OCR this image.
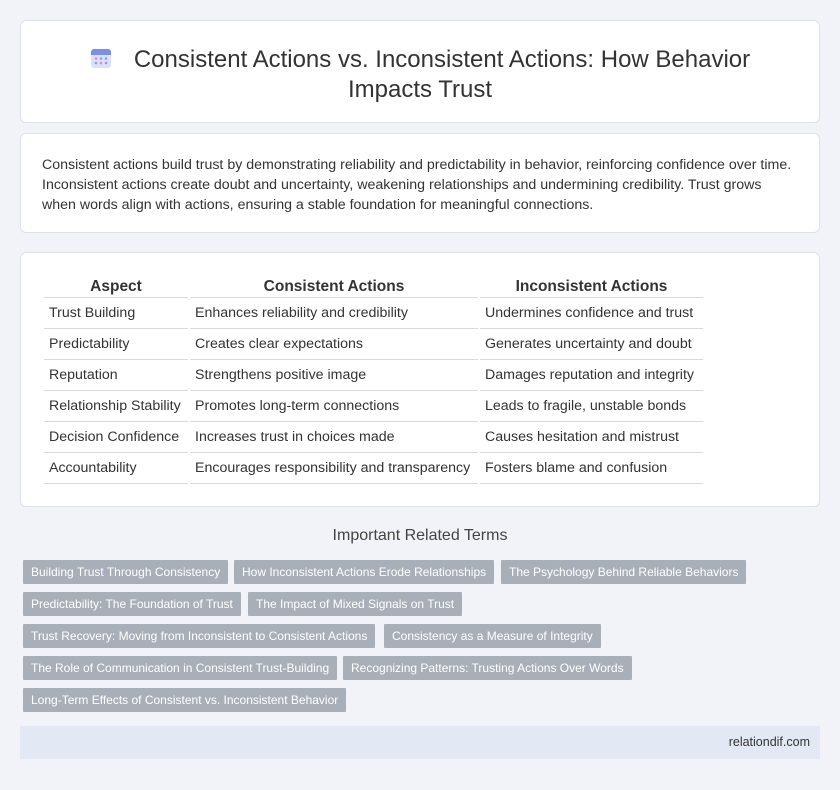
Consistent Actions vs. Inconsistent Actions: How Behavior Impacts Trust

Consistent actions build trust by demonstrating reliability and predictability in behavior, reinforcing confidence over time. Inconsistent actions create doubt and uncertainty, weakening relationships and undermining credibility. Trust grows when words align with actions, ensuring a stable foundation for meaningful connections.

Aspect	Consistent Actions	Inconsistent Actions
Trust Building	Enhances reliability and credibility	Undermines confidence and trust
Predictability	Creates clear expectations	Generates uncertainty and doubt
Reputation	Strengthens positive image	Damages reputation and integrity
Relationship Stability	Promotes long-term connections	Leads to fragile, unstable bonds
Decision Confidence	Increases trust in choices made	Causes hesitation and mistrust
Accountability	Encourages responsibility and transparency	Fosters blame and confusion
Important Related Terms
Building Trust Through Consistency	How Inconsistent Actions Erode Relationships	The Psychology Behind Reliable Behaviors
Predictability: The Foundation of Trust	The Impact of Mixed Signals on Trust
Trust Recovery: Moving from Inconsistent to Consistent Actions	Consistency as a Measure of Integrity
The Role of Communication in Consistent Trust-Building	Recognizing Patterns: Trusting Actions Over Words
Long-Term Effects of Consistent vs. Inconsistent Behavior
relationdif.com
